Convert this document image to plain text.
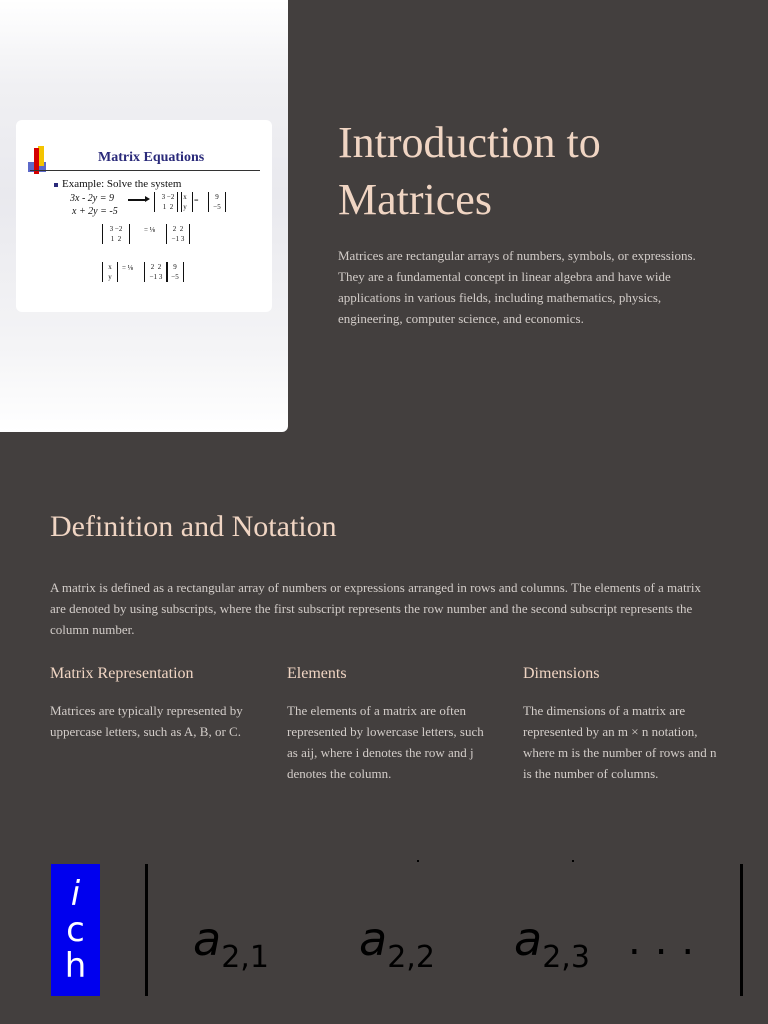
Matrix Equations
Example: Solve the system
3x - 2y = 9
x + 2y = -5
3 −2
1  2
x
y
=	9
−5
3 −2
1  2
= ⅛	2  2
−1 3
x
y
= ⅛	2  2
−1 3
9
−5
Introduction to Matrices

Matrices are rectangular arrays of numbers, symbols, or expressions. They are a fundamental concept in linear algebra and have wide applications in various fields, including mathematics, physics, engineering, computer science, and economics.

Definition and Notation

A matrix is defined as a rectangular array of numbers or expressions arranged in rows and columns. The elements of a matrix are denoted by using subscripts, where the first subscript represents the row number and the second subscript represents the column number.

Matrix Representation

Matrices are typically represented by uppercase letters, such as A, B, or C.

Elements

The elements of a matrix are often represented by lowercase letters, such as aij, where i denotes the row and j denotes the column.

Dimensions

The dimensions of a matrix are represented by an m × n notation, where m is the number of rows and n is the number of columns.

i
c
h $a_{2,1}$ $a_{2,2}$ $a_{2,3}$ ...
